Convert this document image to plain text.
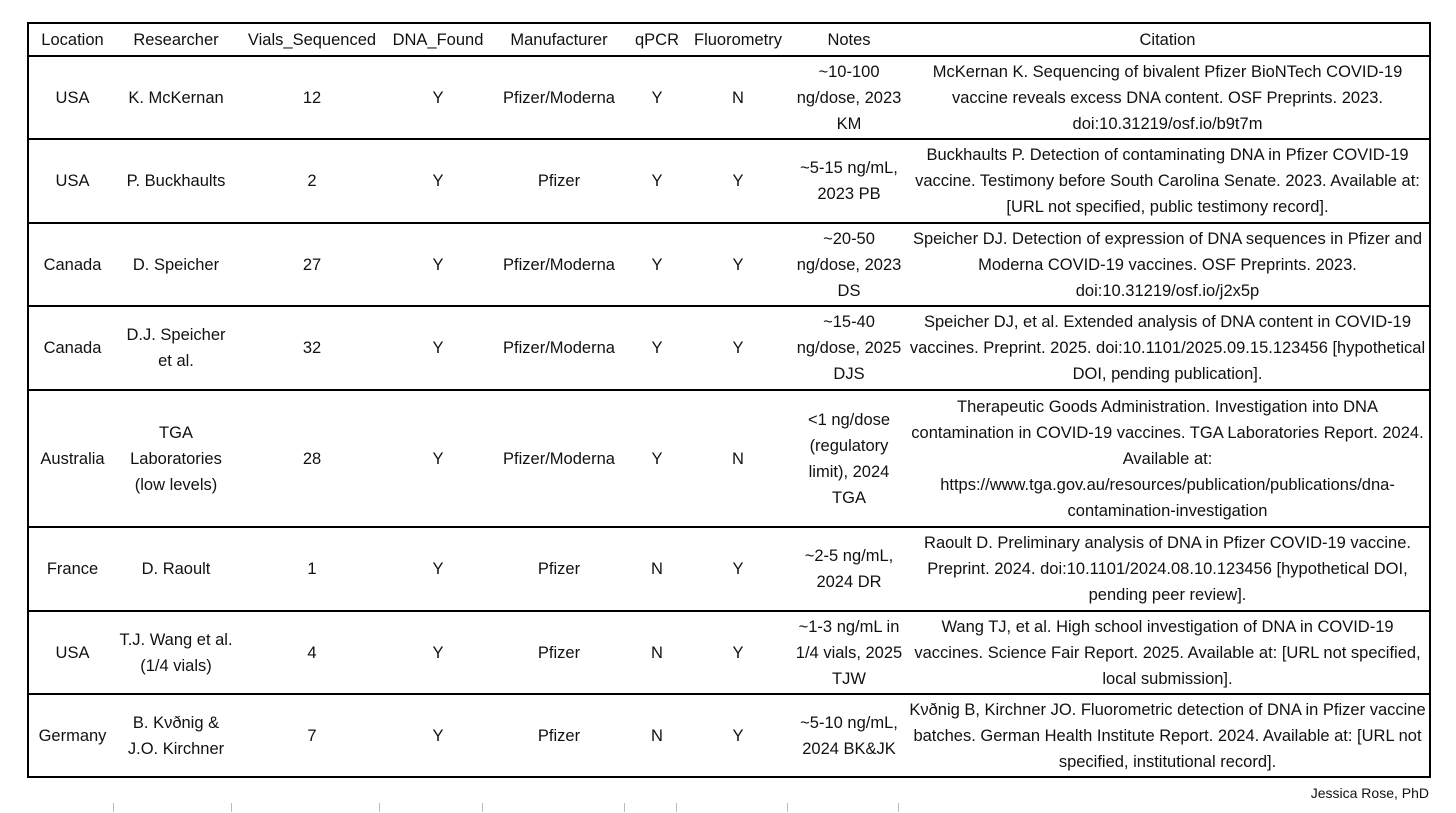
Location	Researcher	Vials_Sequenced	DNA_Found	Manufacturer	qPCR	Fluorometry	Notes	Citation
USA	K. McKernan	12	Y	Pfizer/Moderna	Y	N	~10-100 ng/dose, 2023 KM	McKernan K. Sequencing of bivalent Pfizer BioNTech COVID-19 vaccine reveals excess DNA content. OSF Preprints. 2023. doi:10.31219/osf.io/b9t7m
USA	P. Buckhaults	2	Y	Pfizer	Y	Y	~5-15 ng/mL, 2023 PB	Buckhaults P. Detection of contaminating DNA in Pfizer COVID-19 vaccine. Testimony before South Carolina Senate. 2023. Available at: [URL not specified, public testimony record].
Canada	D. Speicher	27	Y	Pfizer/Moderna	Y	Y	~20-50 ng/dose, 2023 DS	Speicher DJ. Detection of expression of DNA sequences in Pfizer and Moderna COVID-19 vaccines. OSF Preprints. 2023. doi:10.31219/osf.io/j2x5p
Canada	D.J. Speicher et al.	32	Y	Pfizer/Moderna	Y	Y	~15-40 ng/dose, 2025 DJS	Speicher DJ, et al. Extended analysis of DNA content in COVID-19 vaccines. Preprint. 2025. doi:10.1101/2025.09.15.123456 [hypothetical DOI, pending publication].
Australia	TGA Laboratories (low levels)	28	Y	Pfizer/Moderna	Y	N	<1 ng/dose (regulatory limit), 2024 TGA	Therapeutic Goods Administration. Investigation into DNA contamination in COVID-19 vaccines. TGA Laboratories Report. 2024. Available at: https://www.tga.gov.au/resources/publication/publications/dna-contamination-investigation
France	D. Raoult	1	Y	Pfizer	N	Y	~2-5 ng/mL, 2024 DR	Raoult D. Preliminary analysis of DNA in Pfizer COVID-19 vaccine. Preprint. 2024. doi:10.1101/2024.08.10.123456 [hypothetical DOI, pending peer review].
USA	T.J. Wang et al. (1/4 vials)	4	Y	Pfizer	N	Y	~1-3 ng/mL in 1/4 vials, 2025 TJW	Wang TJ, et al. High school investigation of DNA in COVID-19 vaccines. Science Fair Report. 2025. Available at: [URL not specified, local submission].
Germany	B. Kνðnig & J.O. Kirchner	7	Y	Pfizer	N	Y	~5-10 ng/mL, 2024 BK&JK	Kνðnig B, Kirchner JO. Fluorometric detection of DNA in Pfizer vaccine batches. German Health Institute Report. 2024. Available at: [URL not specified, institutional record].
Jessica Rose, PhD
